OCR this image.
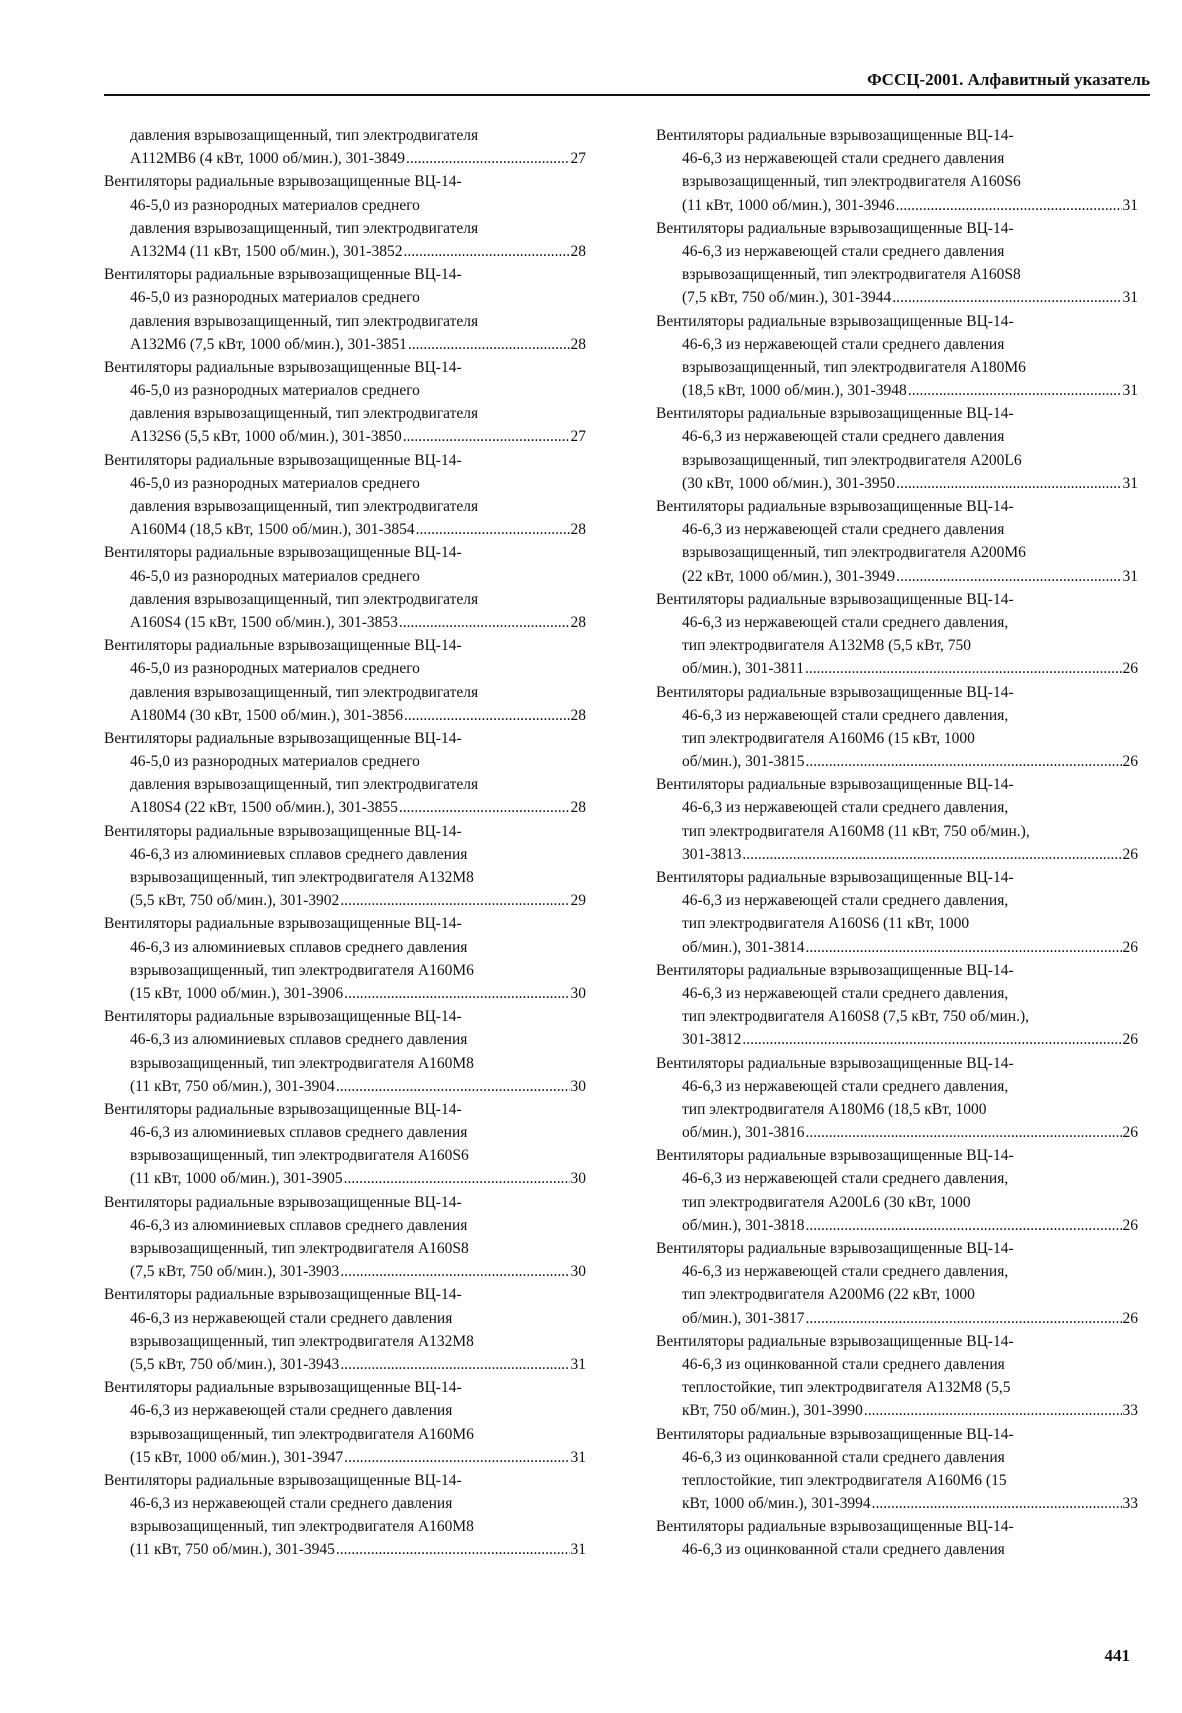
ФССЦ-2001. Алфавитный указатель
давления взрывозащищенный, тип электродвигателя
А112МВ6 (4 кВт, 1000 об/мин.), 301-3849 .....	27
Вентиляторы радиальные взрывозащищенные ВЦ-14-
46-5,0 из разнородных материалов среднего
давления взрывозащищенный, тип электродвигателя
А132М4 (11 кВт, 1500 об/мин.), 301-3852 .....	28
Вентиляторы радиальные взрывозащищенные ВЦ-14-
46-5,0 из разнородных материалов среднего
давления взрывозащищенный, тип электродвигателя
А132М6 (7,5 кВт, 1000 об/мин.), 301-3851 .....	28
Вентиляторы радиальные взрывозащищенные ВЦ-14-
46-5,0 из разнородных материалов среднего
давления взрывозащищенный, тип электродвигателя
А132S6 (5,5 кВт, 1000 об/мин.), 301-3850 .....	27
Вентиляторы радиальные взрывозащищенные ВЦ-14-
46-5,0 из разнородных материалов среднего
давления взрывозащищенный, тип электродвигателя
А160М4 (18,5 кВт, 1500 об/мин.), 301-3854 .....	28
Вентиляторы радиальные взрывозащищенные ВЦ-14-
46-5,0 из разнородных материалов среднего
давления взрывозащищенный, тип электродвигателя
А160S4 (15 кВт, 1500 об/мин.), 301-3853 .....	28
Вентиляторы радиальные взрывозащищенные ВЦ-14-
46-5,0 из разнородных материалов среднего
давления взрывозащищенный, тип электродвигателя
А180М4 (30 кВт, 1500 об/мин.), 301-3856 .....	28
Вентиляторы радиальные взрывозащищенные ВЦ-14-
46-5,0 из разнородных материалов среднего
давления взрывозащищенный, тип электродвигателя
А180S4 (22 кВт, 1500 об/мин.), 301-3855 .....	28
Вентиляторы радиальные взрывозащищенные ВЦ-14-
46-6,3 из алюминиевых сплавов среднего давления
взрывозащищенный, тип электродвигателя А132М8
(5,5 кВт, 750 об/мин.), 301-3902 .....	29
Вентиляторы радиальные взрывозащищенные ВЦ-14-
46-6,3 из алюминиевых сплавов среднего давления
взрывозащищенный, тип электродвигателя А160М6
(15 кВт, 1000 об/мин.), 301-3906 .....	30
Вентиляторы радиальные взрывозащищенные ВЦ-14-
46-6,3 из алюминиевых сплавов среднего давления
взрывозащищенный, тип электродвигателя А160М8
(11 кВт, 750 об/мин.), 301-3904 .....	30
Вентиляторы радиальные взрывозащищенные ВЦ-14-
46-6,3 из алюминиевых сплавов среднего давления
взрывозащищенный, тип электродвигателя А160S6
(11 кВт, 1000 об/мин.), 301-3905 .....	30
Вентиляторы радиальные взрывозащищенные ВЦ-14-
46-6,3 из алюминиевых сплавов среднего давления
взрывозащищенный, тип электродвигателя А160S8
(7,5 кВт, 750 об/мин.), 301-3903 .....	30
Вентиляторы радиальные взрывозащищенные ВЦ-14-
46-6,3 из нержавеющей стали среднего давления
взрывозащищенный, тип электродвигателя А132М8
(5,5 кВт, 750 об/мин.), 301-3943 .....	31
Вентиляторы радиальные взрывозащищенные ВЦ-14-
46-6,3 из нержавеющей стали среднего давления
взрывозащищенный, тип электродвигателя А160М6
(15 кВт, 1000 об/мин.), 301-3947 .....	31
Вентиляторы радиальные взрывозащищенные ВЦ-14-
46-6,3 из нержавеющей стали среднего давления
взрывозащищенный, тип электродвигателя А160М8
(11 кВт, 750 об/мин.), 301-3945 .....	31
Вентиляторы радиальные взрывозащищенные ВЦ-14-
46-6,3 из нержавеющей стали среднего давления
взрывозащищенный, тип электродвигателя А160S6
(11 кВт, 1000 об/мин.), 301-3946 .....	31
Вентиляторы радиальные взрывозащищенные ВЦ-14-
46-6,3 из нержавеющей стали среднего давления
взрывозащищенный, тип электродвигателя А160S8
(7,5 кВт, 750 об/мин.), 301-3944 .....	31
Вентиляторы радиальные взрывозащищенные ВЦ-14-
46-6,3 из нержавеющей стали среднего давления
взрывозащищенный, тип электродвигателя А180М6
(18,5 кВт, 1000 об/мин.), 301-3948 .....	31
Вентиляторы радиальные взрывозащищенные ВЦ-14-
46-6,3 из нержавеющей стали среднего давления
взрывозащищенный, тип электродвигателя А200L6
(30 кВт, 1000 об/мин.), 301-3950 .....	31
Вентиляторы радиальные взрывозащищенные ВЦ-14-
46-6,3 из нержавеющей стали среднего давления
взрывозащищенный, тип электродвигателя А200М6
(22 кВт, 1000 об/мин.), 301-3949 .....	31
Вентиляторы радиальные взрывозащищенные ВЦ-14-
46-6,3 из нержавеющей стали среднего давления,
тип электродвигателя А132М8 (5,5 кВт, 750
об/мин.), 301-3811 .....	26
Вентиляторы радиальные взрывозащищенные ВЦ-14-
46-6,3 из нержавеющей стали среднего давления,
тип электродвигателя А160М6 (15 кВт, 1000
об/мин.), 301-3815 .....	26
Вентиляторы радиальные взрывозащищенные ВЦ-14-
46-6,3 из нержавеющей стали среднего давления,
тип электродвигателя А160М8 (11 кВт, 750 об/мин.),
301-3813 .....	26
Вентиляторы радиальные взрывозащищенные ВЦ-14-
46-6,3 из нержавеющей стали среднего давления,
тип электродвигателя А160S6 (11 кВт, 1000
об/мин.), 301-3814 .....	26
Вентиляторы радиальные взрывозащищенные ВЦ-14-
46-6,3 из нержавеющей стали среднего давления,
тип электродвигателя А160S8 (7,5 кВт, 750 об/мин.),
301-3812 .....	26
Вентиляторы радиальные взрывозащищенные ВЦ-14-
46-6,3 из нержавеющей стали среднего давления,
тип электродвигателя А180М6 (18,5 кВт, 1000
об/мин.), 301-3816 .....	26
Вентиляторы радиальные взрывозащищенные ВЦ-14-
46-6,3 из нержавеющей стали среднего давления,
тип электродвигателя А200L6 (30 кВт, 1000
об/мин.), 301-3818 .....	26
Вентиляторы радиальные взрывозащищенные ВЦ-14-
46-6,3 из нержавеющей стали среднего давления,
тип электродвигателя А200М6 (22 кВт, 1000
об/мин.), 301-3817 .....	26
Вентиляторы радиальные взрывозащищенные ВЦ-14-
46-6,3 из оцинкованной стали среднего давления
теплостойкие, тип электродвигателя А132М8 (5,5
кВт, 750 об/мин.), 301-3990 .....	33
Вентиляторы радиальные взрывозащищенные ВЦ-14-
46-6,3 из оцинкованной стали среднего давления
теплостойкие, тип электродвигателя А160М6 (15
кВт, 1000 об/мин.), 301-3994 .....	33
Вентиляторы радиальные взрывозащищенные ВЦ-14-
46-6,3 из оцинкованной стали среднего давления
441
